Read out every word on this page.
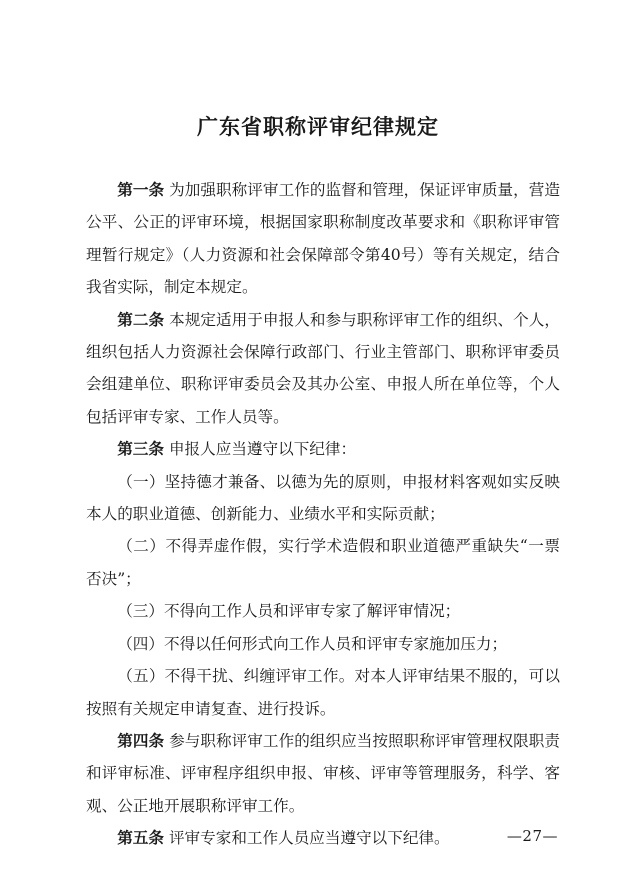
广东省职称评审纪律规定

第一条 为加强职称评审工作的监督和管理，保证评审质量，营造公平、公正的评审环境，根据国家职称制度改革要求和《职称评审管理暂行规定》（人力资源和社会保障部令第40号）等有关规定，结合我省实际，制定本规定。

第二条 本规定适用于申报人和参与职称评审工作的组织、个人，组织包括人力资源社会保障行政部门、行业主管部门、职称评审委员会组建单位、职称评审委员会及其办公室、申报人所在单位等，个人包括评审专家、工作人员等。

第三条 申报人应当遵守以下纪律：

（一）坚持德才兼备、以德为先的原则，申报材料客观如实反映本人的职业道德、创新能力、业绩水平和实际贡献；

（二）不得弄虚作假，实行学术造假和职业道德严重缺失“一票否决”；

（三）不得向工作人员和评审专家了解评审情况；

（四）不得以任何形式向工作人员和评审专家施加压力；

（五）不得干扰、纠缠评审工作。对本人评审结果不服的，可以按照有关规定申请复查、进行投诉。

第四条 参与职称评审工作的组织应当按照职称评审管理权限职责和评审标准、评审程序组织申报、审核、评审等管理服务，科学、客观、公正地开展职称评审工作。

第五条 评审专家和工作人员应当遵守以下纪律。	—27—
